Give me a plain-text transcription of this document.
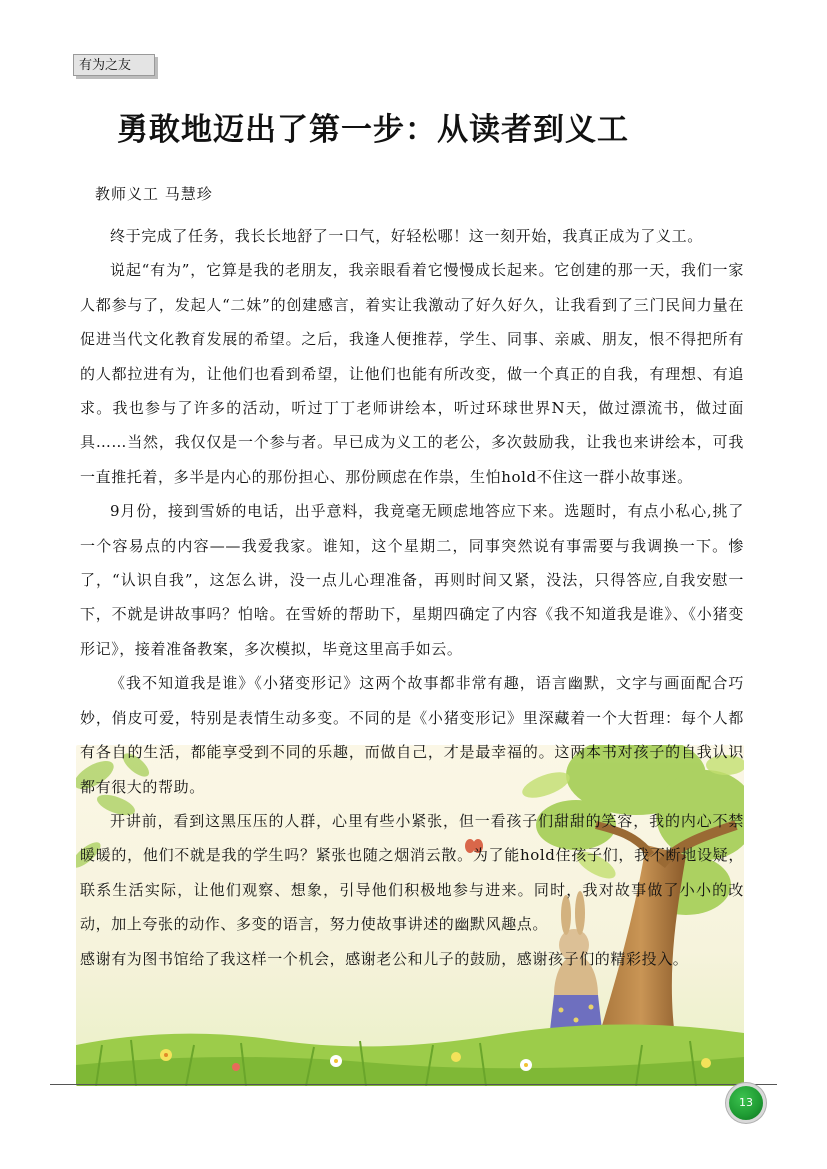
有为之友
勇敢地迈出了第一步：从读者到义工
教师义工 马慧珍

终于完成了任务，我长长地舒了一口气，好轻松哪！这一刻开始，我真正成为了义工。

说起“有为”，它算是我的老朋友，我亲眼看着它慢慢成长起来。它创建的那一天，我们一家人都参与了，发起人“二妹”的创建感言，着实让我激动了好久好久，让我看到了三门民间力量在促进当代文化教育发展的希望。之后，我逢人便推荐，学生、同事、亲戚、朋友，恨不得把所有的人都拉进有为，让他们也看到希望，让他们也能有所改变，做一个真正的自我，有理想、有追求。我也参与了许多的活动，听过丁丁老师讲绘本，听过环球世界N天，做过漂流书，做过面具……当然，我仅仅是一个参与者。早已成为义工的老公，多次鼓励我，让我也来讲绘本，可我一直推托着，多半是内心的那份担心、那份顾虑在作祟，生怕hold不住这一群小故事迷。

9月份，接到雪娇的电话，出乎意料，我竟毫无顾虑地答应下来。选题时，有点小私心,挑了一个容易点的内容——我爱我家。谁知，这个星期二，同事突然说有事需要与我调换一下。惨了，“认识自我”，这怎么讲，没一点儿心理准备，再则时间又紧，没法，只得答应,自我安慰一下，不就是讲故事吗？怕啥。在雪娇的帮助下，星期四确定了内容《我不知道我是谁》、《小猪变形记》，接着准备教案，多次模拟，毕竟这里高手如云。

《我不知道我是谁》《小猪变形记》这两个故事都非常有趣，语言幽默，文字与画面配合巧妙，俏皮可爱，特别是表情生动多变。不同的是《小猪变形记》里深藏着一个大哲理：每个人都有各自的生活，都能享受到不同的乐趣，而做自己，才是最幸福的。这两本书对孩子的自我认识都有很大的帮助。

开讲前，看到这黑压压的人群，心里有些小紧张，但一看孩子们甜甜的笑容，我的内心不禁暖暖的，他们不就是我的学生吗？紧张也随之烟消云散。为了能hold住孩子们，我不断地设疑，联系生活实际，让他们观察、想象，引导他们积极地参与进来。同时，我对故事做了小小的改动，加上夸张的动作、多变的语言，努力使故事讲述的幽默风趣点。

感谢有为图书馆给了我这样一个机会，感谢老公和儿子的鼓励，感谢孩子们的精彩投入。

13
